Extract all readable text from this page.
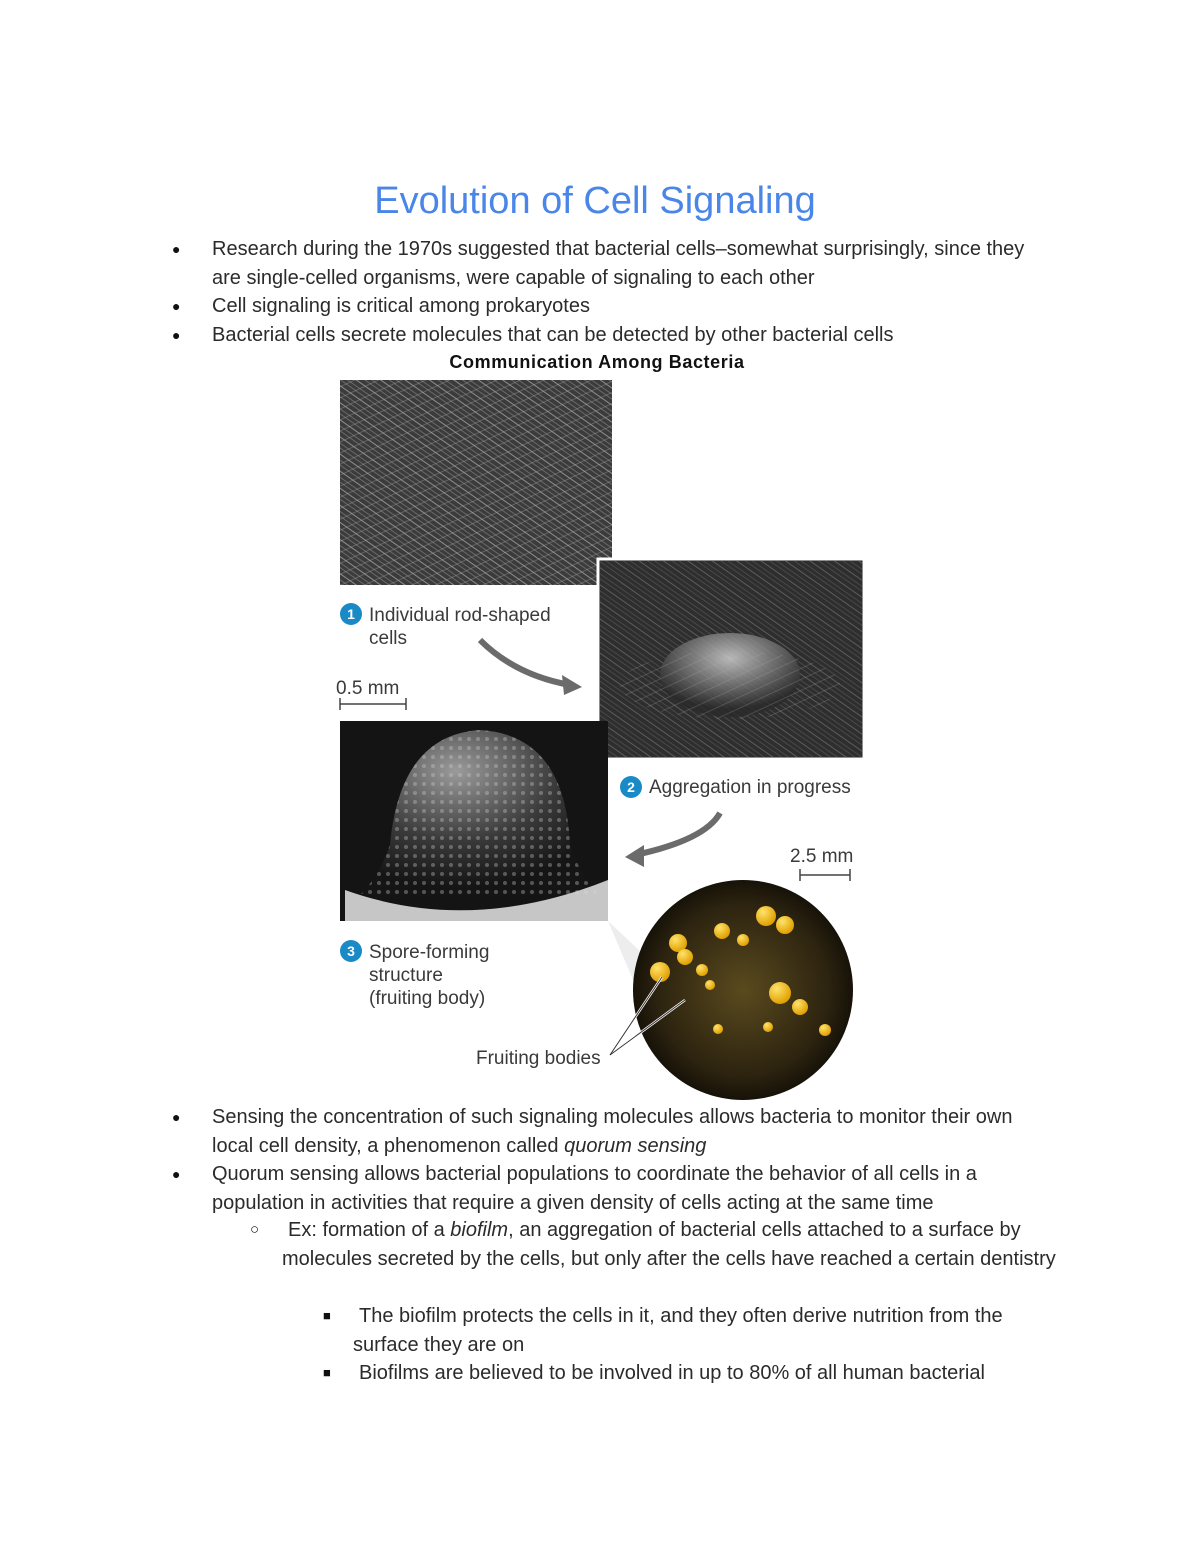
Evolution of Cell Signaling
● Research during the 1970s suggested that bacterial cells–somewhat surprisingly, since they are single-celled organisms, were capable of signaling to each other
● Cell signaling is critical among prokaryotes
● Bacterial cells secrete molecules that can be detected by other bacterial cells
Communication Among Bacteria
1 Individual rod-shaped
cells
0.5 mm
2 Aggregation in progress
2.5 mm
3 Spore-forming
structure
(fruiting body)
Fruiting bodies
● Sensing the concentration of such signaling molecules allows bacteria to monitor their own local cell density, a phenomenon called quorum sensing
● Quorum sensing allows bacterial populations to coordinate the behavior of all cells in a population in activities that require a given density of cells acting at the same time
○ Ex: formation of a biofilm, an aggregation of bacterial cells attached to a surface by molecules secreted by the cells, but only after the cells have reached a certain dentistry
■ The biofilm protects the cells in it, and they often derive nutrition from the surface they are on
■ Biofilms are believed to be involved in up to 80% of all human bacterial
